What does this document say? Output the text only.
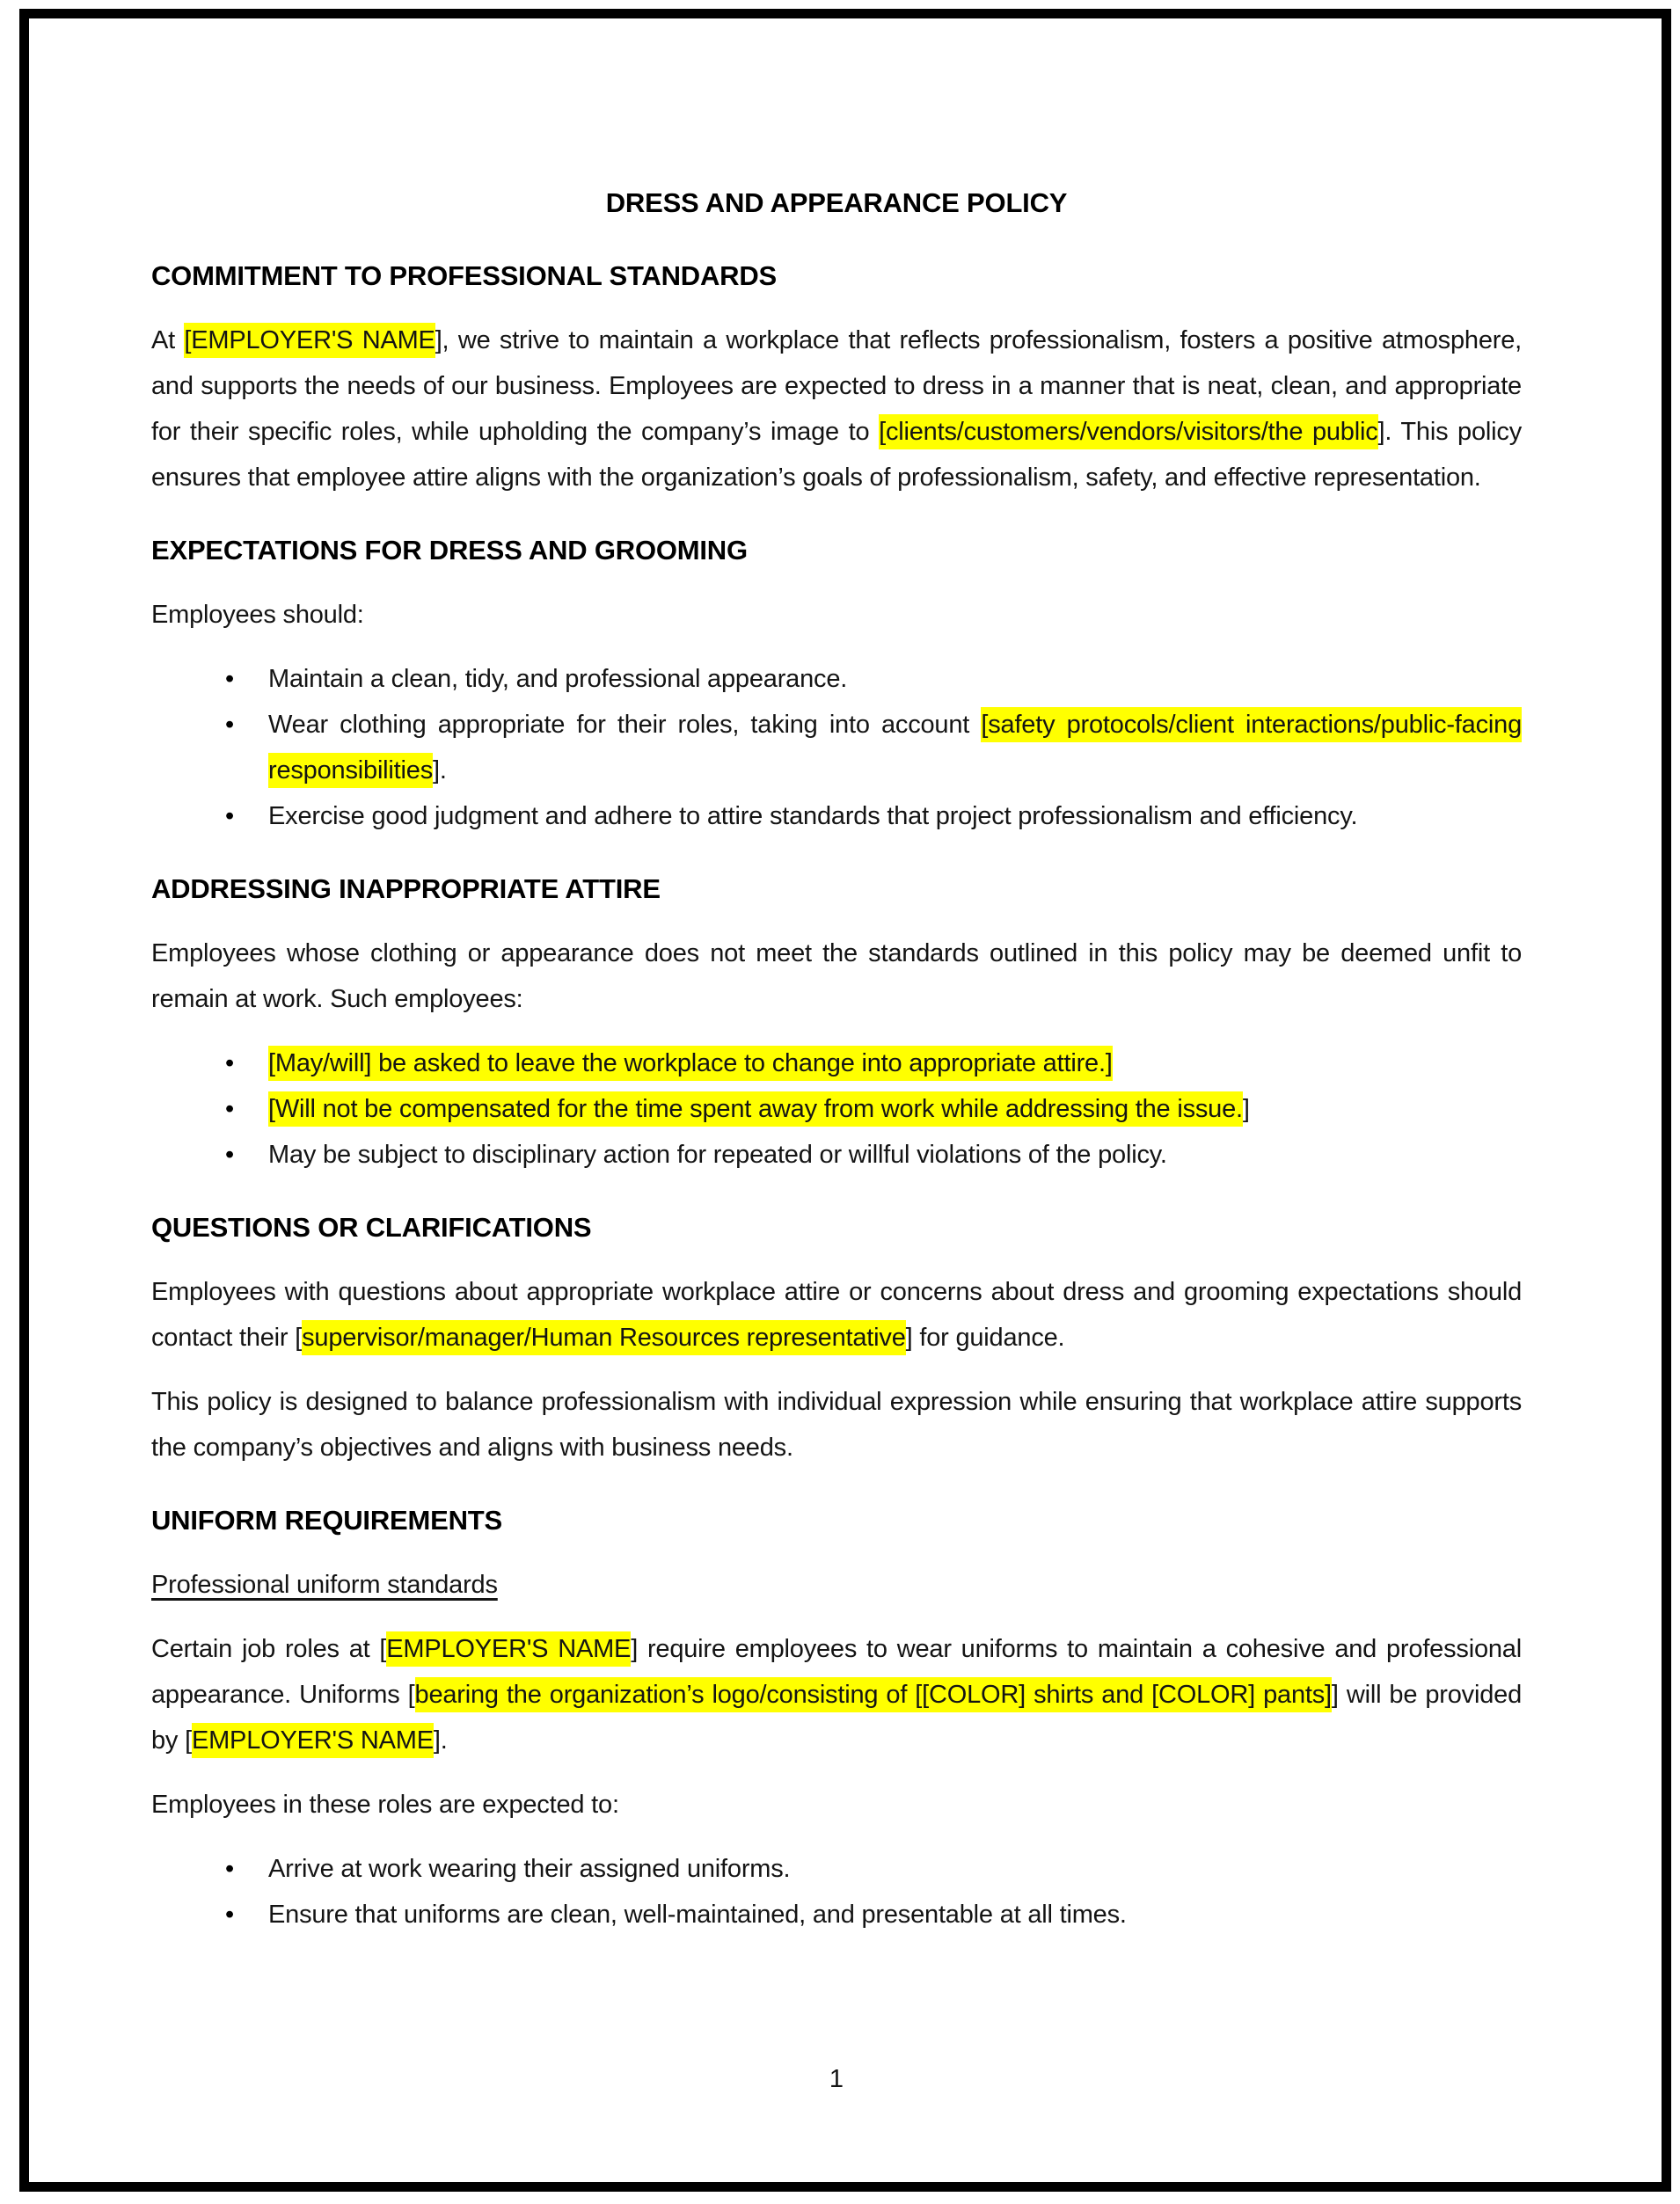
DRESS AND APPEARANCE POLICY
COMMITMENT TO PROFESSIONAL STANDARDS

At [EMPLOYER'S NAME], we strive to maintain a workplace that reflects professionalism, fosters a positive atmosphere, and supports the needs of our business. Employees are expected to dress in a manner that is neat, clean, and appropriate for their specific roles, while upholding the company’s image to [clients/customers/vendors/visitors/the public]. This policy ensures that employee attire aligns with the organization’s goals of professionalism, safety, and effective representation.

EXPECTATIONS FOR DRESS AND GROOMING

Employees should:

• Maintain a clean, tidy, and professional appearance.
• Wear clothing appropriate for their roles, taking into account [safety protocols/client interactions/public-facing responsibilities].
• Exercise good judgment and adhere to attire standards that project professionalism and efficiency.
ADDRESSING INAPPROPRIATE ATTIRE

Employees whose clothing or appearance does not meet the standards outlined in this policy may be deemed unfit to remain at work. Such employees:

• [May/will] be asked to leave the workplace to change into appropriate attire.]
• [Will not be compensated for the time spent away from work while addressing the issue.]
• May be subject to disciplinary action for repeated or willful violations of the policy.
QUESTIONS OR CLARIFICATIONS

Employees with questions about appropriate workplace attire or concerns about dress and grooming expectations should contact their [supervisor/manager/Human Resources representative] for guidance.

This policy is designed to balance professionalism with individual expression while ensuring that workplace attire supports the company’s objectives and aligns with business needs.

UNIFORM REQUIREMENTS

Professional uniform standards

Certain job roles at [EMPLOYER'S NAME] require employees to wear uniforms to maintain a cohesive and professional appearance. Uniforms [bearing the organization’s logo/consisting of [[COLOR] shirts and [COLOR] pants]] will be provided by [EMPLOYER'S NAME].

Employees in these roles are expected to:

• Arrive at work wearing their assigned uniforms.
• Ensure that uniforms are clean, well-maintained, and presentable at all times.
1
